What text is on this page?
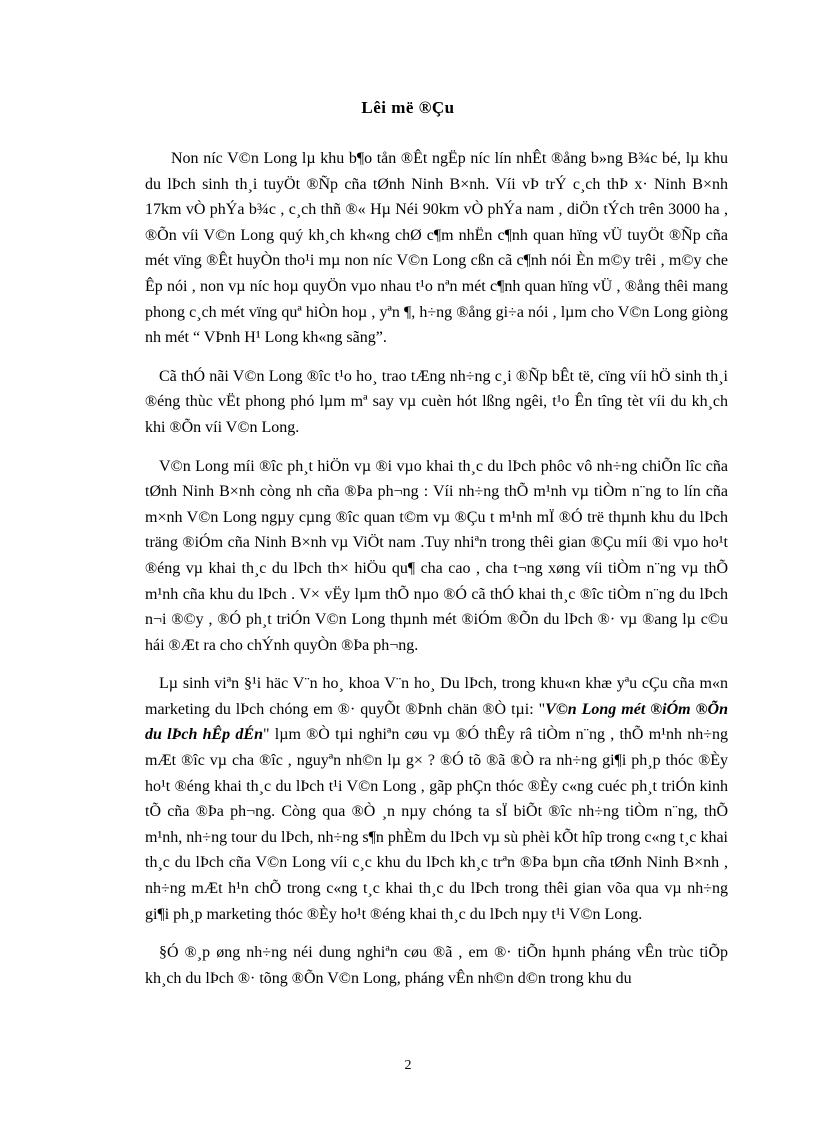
Lêi më ®Çu

Non níc V©n Long lµ khu b¶o tån ®Êt ngËp níc lín nhÊt ®ång b»ng B¾c bé, lµ khu du lÞch sinh th¸i tuyÖt ®Ñp cña tØnh Ninh B×nh. Víi vÞ trÝ c¸ch thÞ x· Ninh B×nh 17km vÒ phÝa b¾c , c¸ch thñ ®« Hµ Néi 90km vÒ phÝa nam , diÖn tÝch trên 3000 ha , ®Õn víi V©n Long quý kh¸ch kh«ng chØ c¶m nhËn c¶nh quan hïng vÜ tuyÖt ®Ñp cña mét vïng ®Êt huyÒn tho¹i mµ non níc V©n Long cßn cã c¶nh nói Èn m©y trêi , m©y che Êp nói , non vµ níc hoµ quyÖn vµo nhau t¹o nªn mét c¶nh quan hïng vÜ , ®ång thêi mang phong c¸ch mét vïng quª hiÒn hoµ , yªn ¶, h÷ng ®ång gi÷a nói , lµm cho V©n Long giòng nh mét “ VÞnh H¹ Long kh«ng sãng”.

Cã thÓ nãi V©n Long ®îc t¹o ho¸ trao tÆng nh÷ng c¸i ®Ñp bÊt të, cïng víi hÖ sinh th¸i ®éng thùc vËt phong phó lµm mª say vµ cuèn hót lßng ngêi, t¹o Ên tîng tèt víi du kh¸ch khi ®Õn víi V©n Long.

V©n Long míi ®îc ph¸t hiÖn vµ ®i vµo khai th¸c du lÞch phôc vô nh÷ng chiÕn lîc cña tØnh Ninh B×nh còng nh cña ®Þa ph¬ng : Víi nh÷ng thÕ m¹nh vµ tiÒm n¨ng to lín cña m×nh V©n Long ngµy cµng ®îc quan t©m vµ ®Çu t m¹nh mÏ ®Ó trë thµnh khu du lÞch träng ®iÓm cña Ninh B×nh vµ ViÖt nam .Tuy nhiªn trong thêi gian ®Çu míi ®i vµo ho¹t ®éng vµ khai th¸c du lÞch th× hiÖu qu¶ cha cao , cha t¬ng xøng víi tiÒm n¨ng vµ thÕ m¹nh cña khu du lÞch . V× vËy lµm thÕ nµo ®Ó cã thÓ khai th¸c ®îc tiÒm n¨ng du lÞch n¬i ®©y , ®Ó ph¸t triÓn V©n Long thµnh mét ®iÓm ®Õn du lÞch ®· vµ ®ang lµ c©u hái ®Æt ra cho chÝnh quyÒn ®Þa ph¬ng.

Lµ sinh viªn §¹i häc V¨n ho¸ khoa V¨n ho¸ Du lÞch, trong khu«n khæ yªu cÇu cña m«n marketing du lÞch chóng em ®· quyÕt ®Þnh chän ®Ò tµi: "V©n Long mét ®iÓm ®Õn du lÞch hÊp dÉn" lµm ®Ò tµi nghiªn cøu vµ ®Ó thÊy râ tiÒm n¨ng , thÕ m¹nh nh÷ng mÆt ®îc vµ cha ®îc , nguyªn nh©n lµ g× ? ®Ó tõ ®ã ®Ò ra nh÷ng gi¶i ph¸p thóc ®Èy ho¹t ®éng khai th¸c du lÞch t¹i V©n Long , gãp phÇn thóc ®Èy c«ng cuéc ph¸t triÓn kinh tÕ cña ®Þa ph¬ng. Còng qua ®Ò ¸n nµy chóng ta sÏ biÕt ®îc nh÷ng tiÒm n¨ng, thÕ m¹nh, nh÷ng tour du lÞch, nh÷ng s¶n phÈm du lÞch vµ sù phèi kÕt hîp trong c«ng t¸c khai th¸c du lÞch cña V©n Long víi c¸c khu du lÞch kh¸c trªn ®Þa bµn cña tØnh Ninh B×nh , nh÷ng mÆt h¹n chÕ trong c«ng t¸c khai th¸c du lÞch trong thêi gian võa qua vµ nh÷ng gi¶i ph¸p marketing thóc ®Èy ho¹t ®éng khai th¸c du lÞch nµy t¹i V©n Long.

§Ó ®¸p øng nh÷ng néi dung nghiªn cøu ®ã , em ®· tiÕn hµnh pháng vÊn trùc tiÕp kh¸ch du lÞch ®· tõng ®Õn V©n Long, pháng vÊn nh©n d©n trong khu du

2
